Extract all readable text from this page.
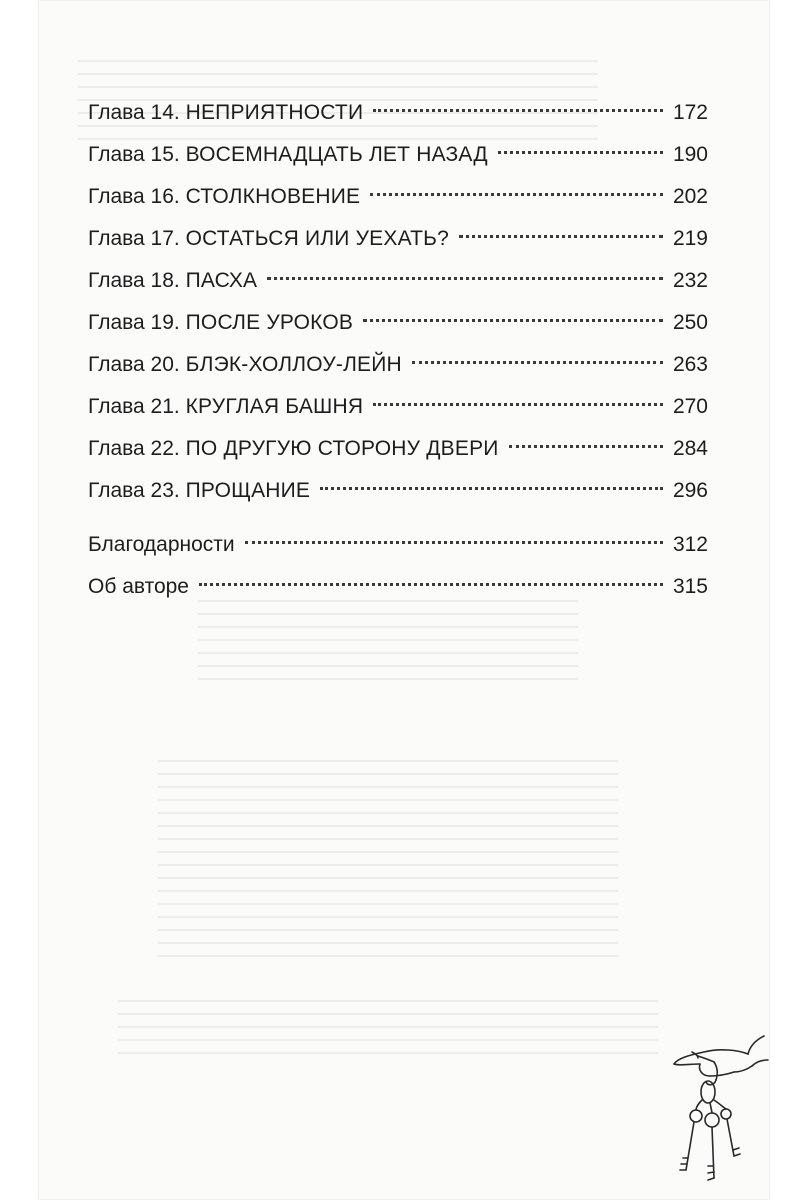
Глава 14. НЕПРИЯТНОСТИ	172
Глава 15. ВОСЕМНАДЦАТЬ ЛЕТ НАЗАД	190
Глава 16. СТОЛКНОВЕНИЕ	202
Глава 17. ОСТАТЬСЯ ИЛИ УЕХАТЬ?	219
Глава 18. ПАСХА	232
Глава 19. ПОСЛЕ УРОКОВ	250
Глава 20. БЛЭК-ХОЛЛОУ-ЛЕЙН	263
Глава 21. КРУГЛАЯ БАШНЯ	270
Глава 22. ПО ДРУГУЮ СТОРОНУ ДВЕРИ	284
Глава 23. ПРОЩАНИЕ	296
Благодарности	312
Об авторе	315
